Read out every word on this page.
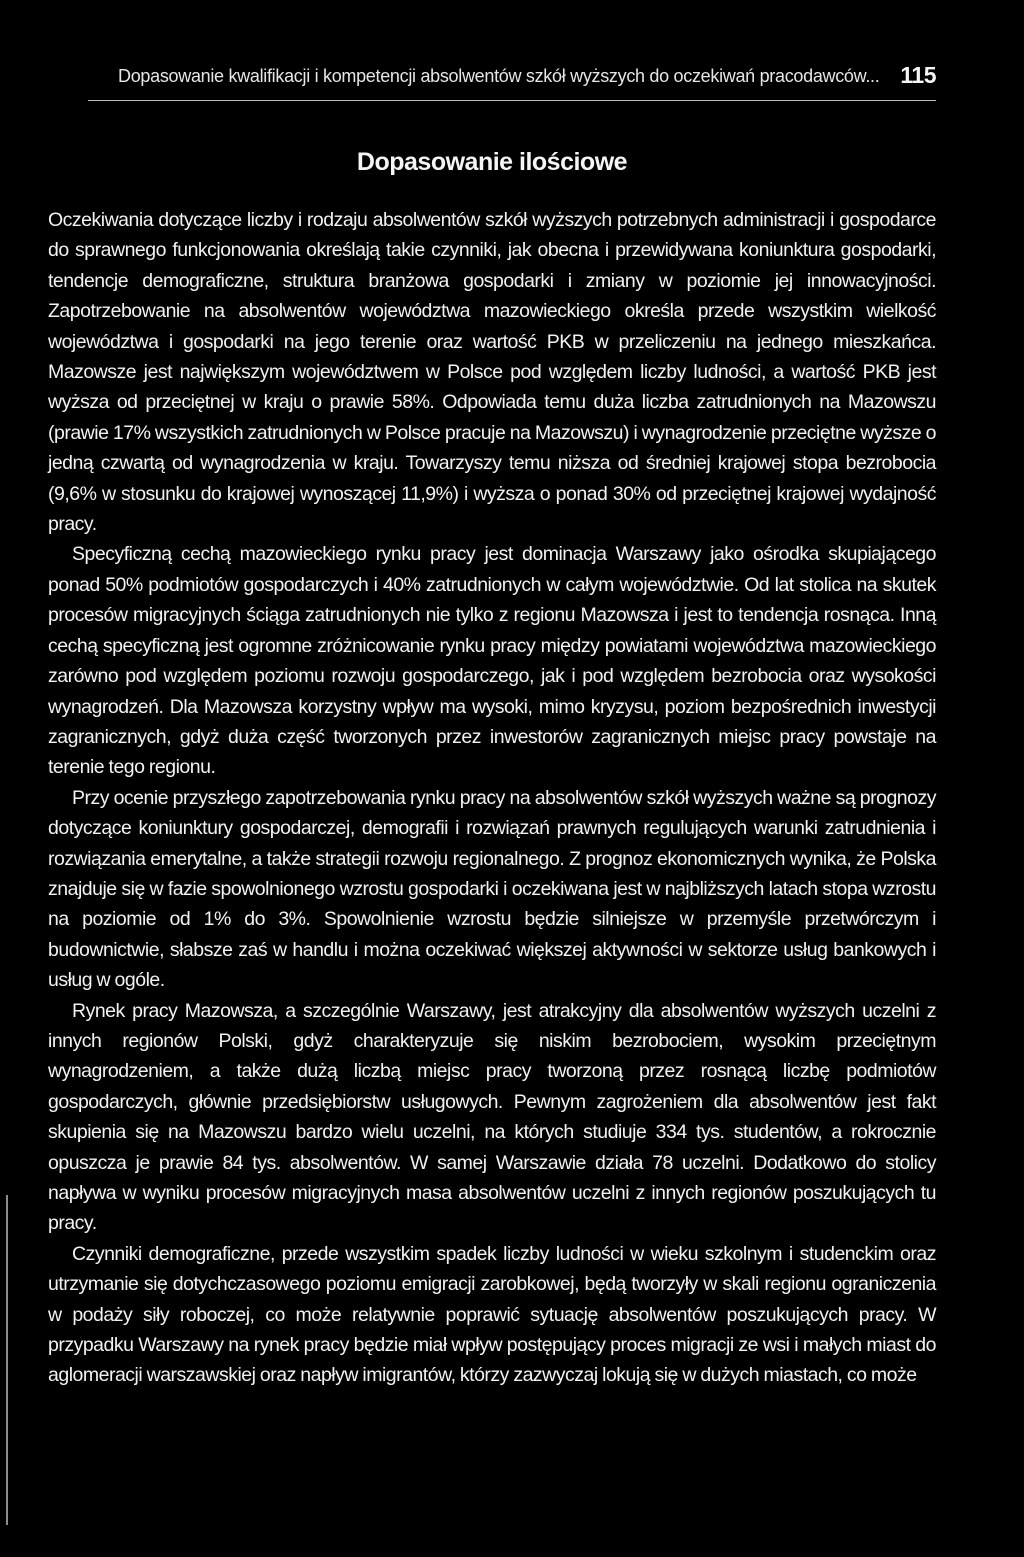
Dopasowanie kwalifikacji i kompetencji absolwentów szkół wyższych do oczekiwań pracodawców... 115
Dopasowanie ilościowe

Oczekiwania dotyczące liczby i rodzaju absolwentów szkół wyższych potrzebnych administracji i gospodarce do sprawnego funkcjonowania określają takie czynniki, jak obecna i przewidywana koniunktura gospodarki, tendencje demograficzne, struktura branżowa gospodarki i zmiany w poziomie jej innowacyjności. Zapotrzebowanie na absolwentów województwa mazowieckiego określa przede wszystkim wielkość województwa i gospodarki na jego terenie oraz wartość PKB w przeliczeniu na jednego mieszkańca. Mazowsze jest największym województwem w Polsce pod względem liczby ludności, a wartość PKB jest wyższa od przeciętnej w kraju o prawie 58%. Odpowiada temu duża liczba zatrudnionych na Mazowszu (prawie 17% wszystkich zatrudnionych w Polsce pracuje na Mazowszu) i wynagrodzenie przeciętne wyższe o jedną czwartą od wynagrodzenia w kraju. Towarzyszy temu niższa od średniej krajowej stopa bezrobocia (9,6% w stosunku do krajowej wynoszącej 11,9%) i wyższa o ponad 30% od przeciętnej krajowej wydajność pracy.

Specyficzną cechą mazowieckiego rynku pracy jest dominacja Warszawy jako ośrodka skupiającego ponad 50% podmiotów gospodarczych i 40% zatrudnionych w całym województwie. Od lat stolica na skutek procesów migracyjnych ściąga zatrudnionych nie tylko z regionu Mazowsza i jest to tendencja rosnąca. Inną cechą specyficzną jest ogromne zróżnicowanie rynku pracy między powiatami województwa mazowieckiego zarówno pod względem poziomu rozwoju gospodarczego, jak i pod względem bezrobocia oraz wysokości wynagrodzeń. Dla Mazowsza korzystny wpływ ma wysoki, mimo kryzysu, poziom bezpośrednich inwestycji zagranicznych, gdyż duża część tworzonych przez inwestorów zagranicznych miejsc pracy powstaje na terenie tego regionu.

Przy ocenie przyszłego zapotrzebowania rynku pracy na absolwentów szkół wyższych ważne są prognozy dotyczące koniunktury gospodarczej, demografii i rozwiązań prawnych regulujących warunki zatrudnienia i rozwiązania emerytalne, a także strategii rozwoju regionalnego. Z prognoz ekonomicznych wynika, że Polska znajduje się w fazie spowolnionego wzrostu gospodarki i oczekiwana jest w najbliższych latach stopa wzrostu na poziomie od 1% do 3%. Spowolnienie wzrostu będzie silniejsze w przemyśle przetwórczym i budownictwie, słabsze zaś w handlu i można oczekiwać większej aktywności w sektorze usług bankowych i usług w ogóle.

Rynek pracy Mazowsza, a szczególnie Warszawy, jest atrakcyjny dla absolwentów wyższych uczelni z innych regionów Polski, gdyż charakteryzuje się niskim bezrobociem, wysokim przeciętnym wynagrodzeniem, a także dużą liczbą miejsc pracy tworzoną przez rosnącą liczbę podmiotów gospodarczych, głównie przedsiębiorstw usługowych. Pewnym zagrożeniem dla absolwentów jest fakt skupienia się na Mazowszu bardzo wielu uczelni, na których studiuje 334 tys. studentów, a rokrocznie opuszcza je prawie 84 tys. absolwentów. W samej Warszawie działa 78 uczelni. Dodatkowo do stolicy napływa w wyniku procesów migracyjnych masa absolwentów uczelni z innych regionów poszukujących tu pracy.

Czynniki demograficzne, przede wszystkim spadek liczby ludności w wieku szkolnym i studenckim oraz utrzymanie się dotychczasowego poziomu emigracji zarobkowej, będą tworzyły w skali regionu ograniczenia w podaży siły roboczej, co może relatywnie poprawić sytuację absolwentów poszukujących pracy. W przypadku Warszawy na rynek pracy będzie miał wpływ postępujący proces migracji ze wsi i małych miast do aglomeracji warszawskiej oraz napływ imigrantów, którzy zazwyczaj lokują się w dużych miastach, co może
